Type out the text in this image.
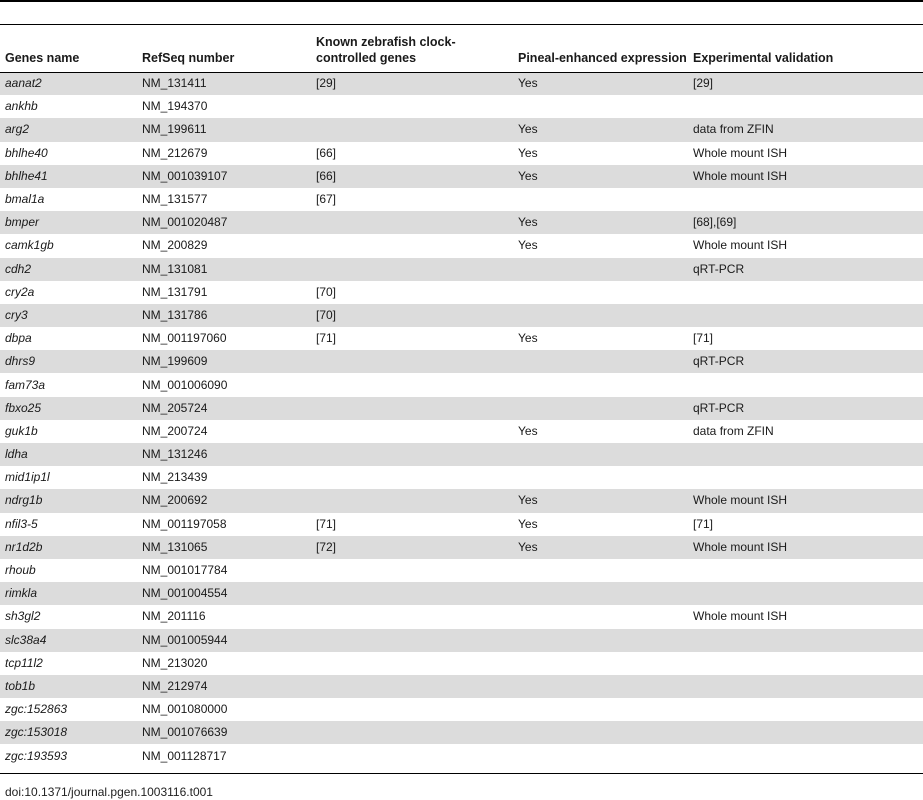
Genes name	RefSeq number	Known zebrafish clock-controlled genes	Pineal-enhanced expression	Experimental validation
aanat2	NM_131411	[29]	Yes	[29]
ankhb	NM_194370			
arg2	NM_199611		Yes	data from ZFIN
bhlhe40	NM_212679	[66]	Yes	Whole mount ISH
bhlhe41	NM_001039107	[66]	Yes	Whole mount ISH
bmal1a	NM_131577	[67]		
bmper	NM_001020487		Yes	[68],[69]
camk1gb	NM_200829		Yes	Whole mount ISH
cdh2	NM_131081			qRT-PCR
cry2a	NM_131791	[70]		
cry3	NM_131786	[70]		
dbpa	NM_001197060	[71]	Yes	[71]
dhrs9	NM_199609			qRT-PCR
fam73a	NM_001006090			
fbxo25	NM_205724			qRT-PCR
guk1b	NM_200724		Yes	data from ZFIN
ldha	NM_131246			
mid1ip1l	NM_213439			
ndrg1b	NM_200692		Yes	Whole mount ISH
nfil3-5	NM_001197058	[71]	Yes	[71]
nr1d2b	NM_131065	[72]	Yes	Whole mount ISH
rhoub	NM_001017784			
rimkla	NM_001004554			
sh3gl2	NM_201116			Whole mount ISH
slc38a4	NM_001005944			
tcp11l2	NM_213020			
tob1b	NM_212974			
zgc:152863	NM_001080000			
zgc:153018	NM_001076639			
zgc:193593	NM_001128717			
doi:10.1371/journal.pgen.1003116.t001
